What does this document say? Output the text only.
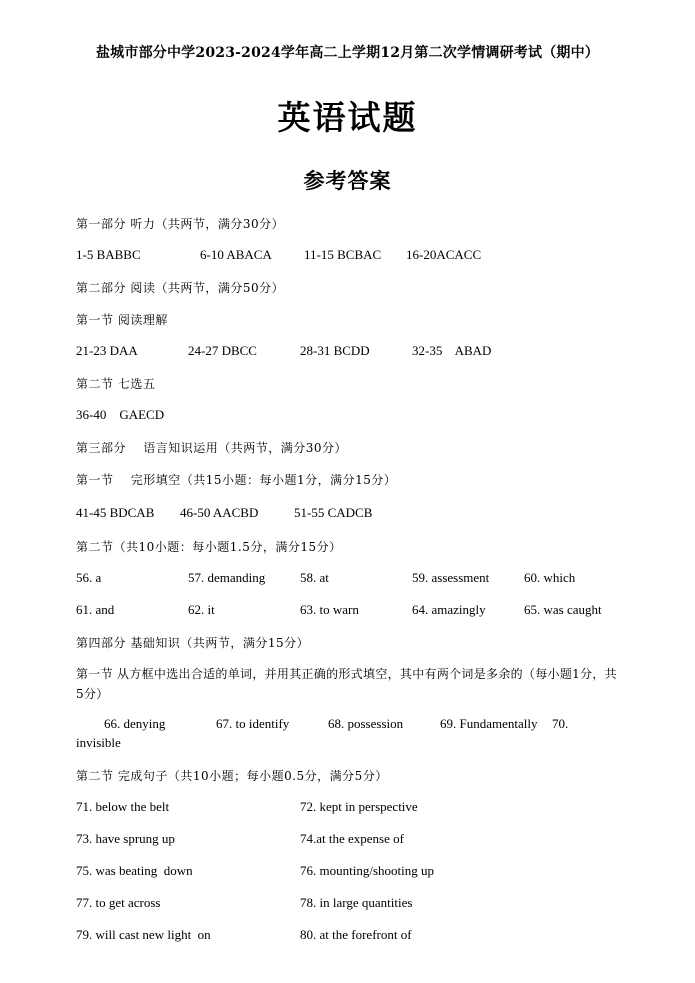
盐城市部分中学2023-2024学年高二上学期12月第二次学情调研考试（期中）
英语试题
参考答案
第一部分 听力（共两节，满分30分）
1-5 BABBC	6-10 ABACA 11-15 BCBAC 16-20ACACC
第二部分 阅读（共两节，满分50分）
第一节 阅读理解
21-23 DAA	24-27 DBCC	28-31 BCDD	32-35    ABAD
第二节 七选五
36-40    GAECD
第三部分    语言知识运用（共两节，满分30分）
第一节    完形填空（共15小题：每小题1分，满分15分）
41-45 BDCAB 46-50 AACBD	51-55 CADCB
第二节（共10小题：每小题1.5分，满分15分）
56. a	57. demanding	58. at	59. assessment	60. which
61. and	62. it	63. to warn	64. amazingly	65. was caught
第四部分 基础知识（共两节，满分15分）
第一节 从方框中选出合适的单词，并用其正确的形式填空，其中有两个词是多余的（每小题1分，共5分）
66. denying	67. to identify	68. possession	69. Fundamentally 70.
invisible
第二节 完成句子（共10小题；每小题0.5分，满分5分）
71. below the belt	72. kept in perspective
73. have sprung up	74.at the expense of
75. was beating  down	76. mounting/shooting up
77. to get across	78. in large quantities
79. will cast new light  on	80. at the forefront of
